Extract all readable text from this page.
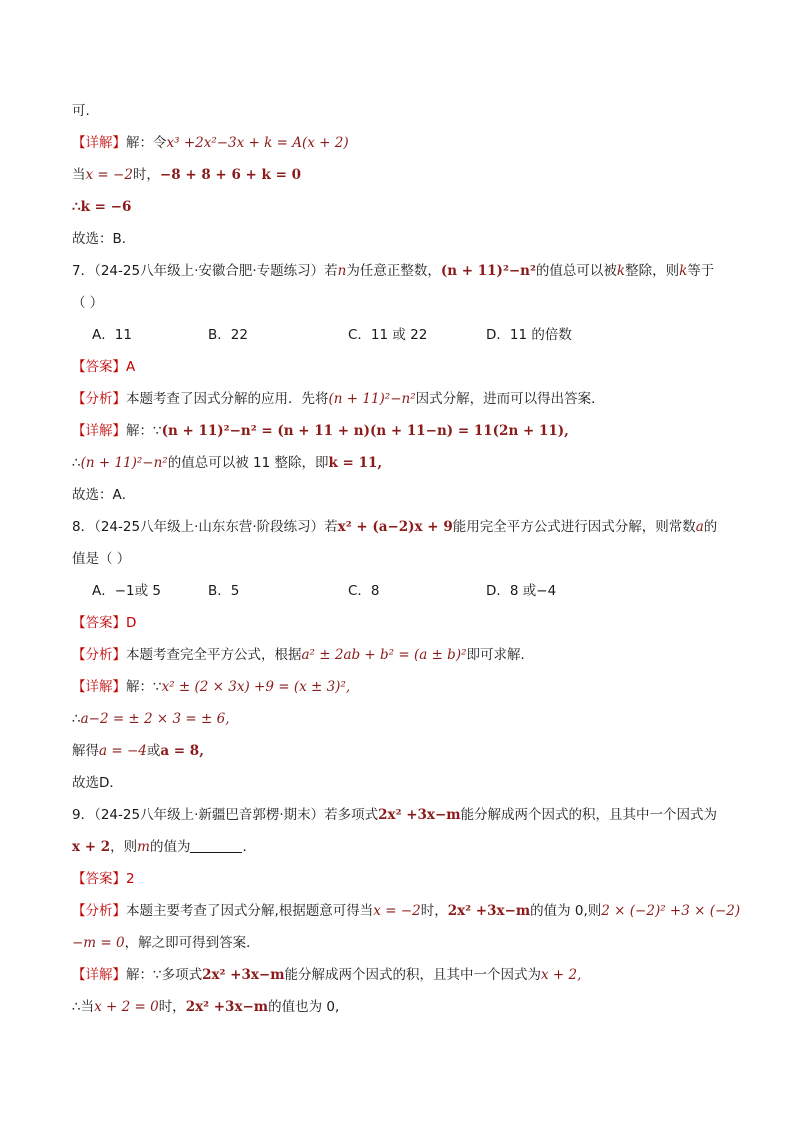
可．
【详解】解：令x³ +2x²−3x + k = A(x + 2)
当x = −2时，−8 + 8 + 6 + k = 0
∴k = −6
故选：B．
7．（24-25八年级上·安徽合肥·专题练习）若n为任意正整数，(n + 11)²−n²的值总可以被k整除，则k等于
（ ）
A．11	B．22	C．11 或 22	D．11 的倍数
【答案】A
【分析】本题考查了因式分解的应用．先将(n + 11)²−n²因式分解，进而可以得出答案．
【详解】解：∵(n + 11)²−n² = (n + 11 + n)(n + 11−n) = 11(2n + 11),
∴(n + 11)²−n²的值总可以被 11 整除，即k = 11,
故选：A．
8．（24-25八年级上·山东东营·阶段练习）若x² + (a−2)x + 9能用完全平方公式进行因式分解，则常数a的
值是（ ）
A．−1或 5	B．5	C．8	D．8 或−4
【答案】D
【分析】本题考查完全平方公式，根据a² ± 2ab + b² = (a ± b)²即可求解．
【详解】解：∵x² ± (2 × 3x) +9 = (x ± 3)²,
∴a−2 = ± 2 × 3 = ± 6,
解得a = −4或a = 8,
故选D．
9．（24-25八年级上·新疆巴音郭楞·期末）若多项式2x² +3x−m能分解成两个因式的积，且其中一个因式为
x + 2，则m的值为	．
【答案】2
【分析】本题主要考查了因式分解,根据题意可得当x = −2时，2x² +3x−m的值为 0,则2 × (−2)² +3 × (−2)
−m = 0，解之即可得到答案．
【详解】解：∵多项式2x² +3x−m能分解成两个因式的积，且其中一个因式为x + 2,
∴当x + 2 = 0时，2x² +3x−m的值也为 0,
